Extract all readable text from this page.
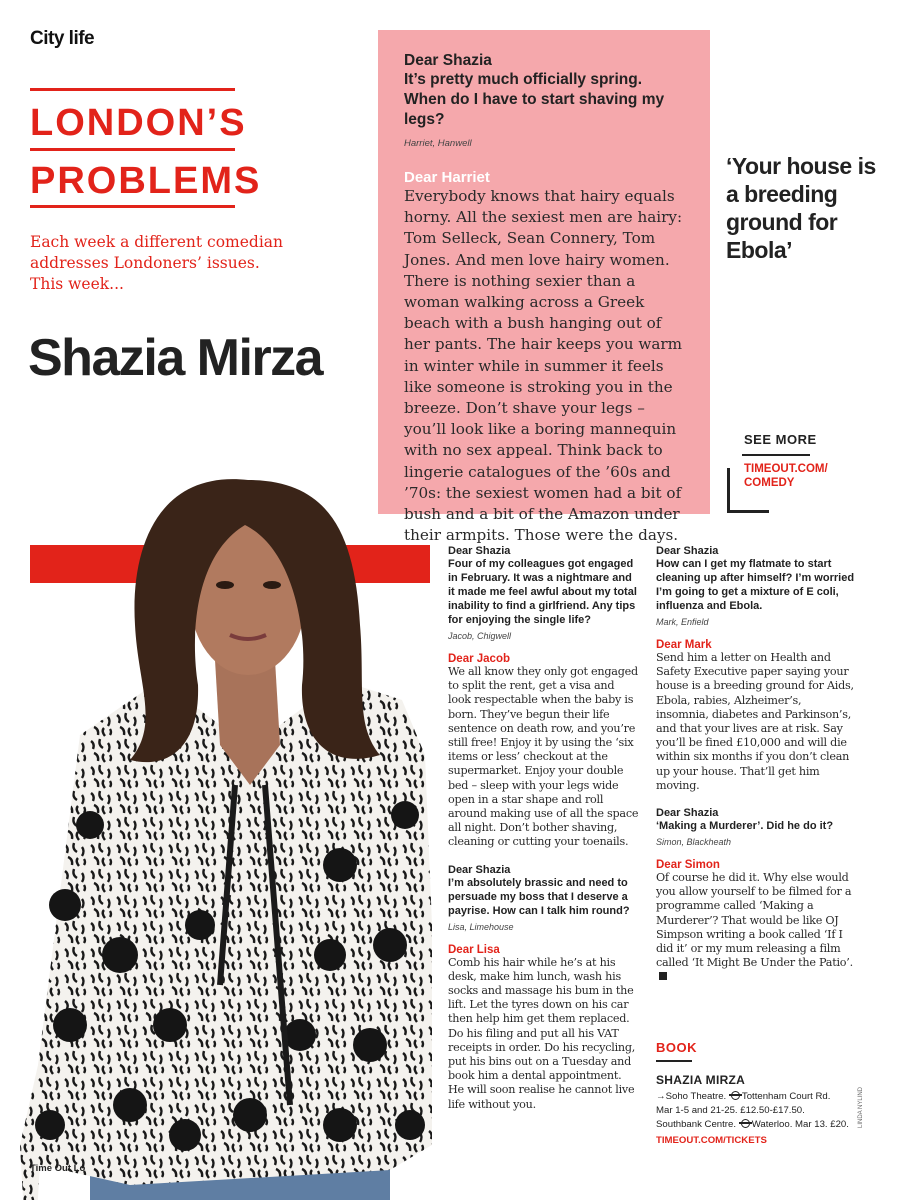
City life
LONDON’S
PROBLEMS
Each week a different comedian addresses Londoners’ issues. This week...
Shazia Mirza
Dear Shazia
It’s pretty much officially spring. When do I have to start shaving my legs?
Harriet, Hanwell
Dear Harriet
Everybody knows that hairy equals horny. All the sexiest men are hairy: Tom Selleck, Sean Connery, Tom Jones. And men love hairy women. There is nothing sexier than a woman walking across a Greek beach with a bush hanging out of her pants. The hair keeps you warm in winter while in summer it feels like someone is stroking you in the breeze. Don’t shave your legs – you’ll look like a boring mannequin with no sex appeal. Think back to lingerie catalogues of the ’60s and ’70s: the sexiest women had a bit of bush and a bit of the Amazon under their armpits. Those were the days.
‘Your house is a breeding ground for Ebola’
SEE MORE
TIMEOUT.COM/ COMEDY
Dear Shazia
Four of my colleagues got engaged in February. It was a nightmare and it made me feel awful about my total inability to find a girlfriend. Any tips for enjoying the single life?
Jacob, Chigwell
Dear Jacob
We all know they only got engaged to split the rent, get a visa and look respectable when the baby is born. They’ve begun their life sentence on death row, and you’re still free! Enjoy it by using the ‘six items or less’ checkout at the supermarket. Enjoy your double bed – sleep with your legs wide open in a star shape and roll around making use of all the space all night. Don’t bother shaving, cleaning or cutting your toenails.
Dear Shazia
I’m absolutely brassic and need to persuade my boss that I deserve a payrise. How can I talk him round?
Lisa, Limehouse
Dear Lisa
Comb his hair while he’s at his desk, make him lunch, wash his socks and massage his bum in the lift. Let the tyres down on his car then help him get them replaced. Do his filing and put all his VAT receipts in order. Do his recycling, put his bins out on a Tuesday and book him a dental appointment. He will soon realise he cannot live life without you.
Dear Shazia
How can I get my flatmate to start cleaning up after himself? I’m worried I’m going to get a mixture of E coli, influenza and Ebola.
Mark, Enfield
Dear Mark
Send him a letter on Health and Safety Executive paper saying your house is a breeding ground for Aids, Ebola, rabies, Alzheimer’s, insomnia, diabetes and Parkinson’s, and that your lives are at risk. Say you’ll be fined £10,000 and will die within six months if you don’t clean up your house. That’ll get him moving.
Dear Shazia
‘Making a Murderer’. Did he do it?
Simon, Blackheath
Dear Simon
Of course he did it. Why else would you allow yourself to be filmed for a programme called ‘Making a Murderer’? That would be like OJ Simpson writing a book called ‘If I did it’ or my mum releasing a film called ‘It Might Be Under the Patio’.
BOOK
SHAZIA MIRZA
→Soho Theatre. Tottenham Court Rd.
Mar 1-5 and 21-25. £12.50-£17.50.
Southbank Centre. Waterloo. Mar 13. £20.
TIMEOUT.COM/TICKETS
Time Out Lo
LINDA NYLIND
